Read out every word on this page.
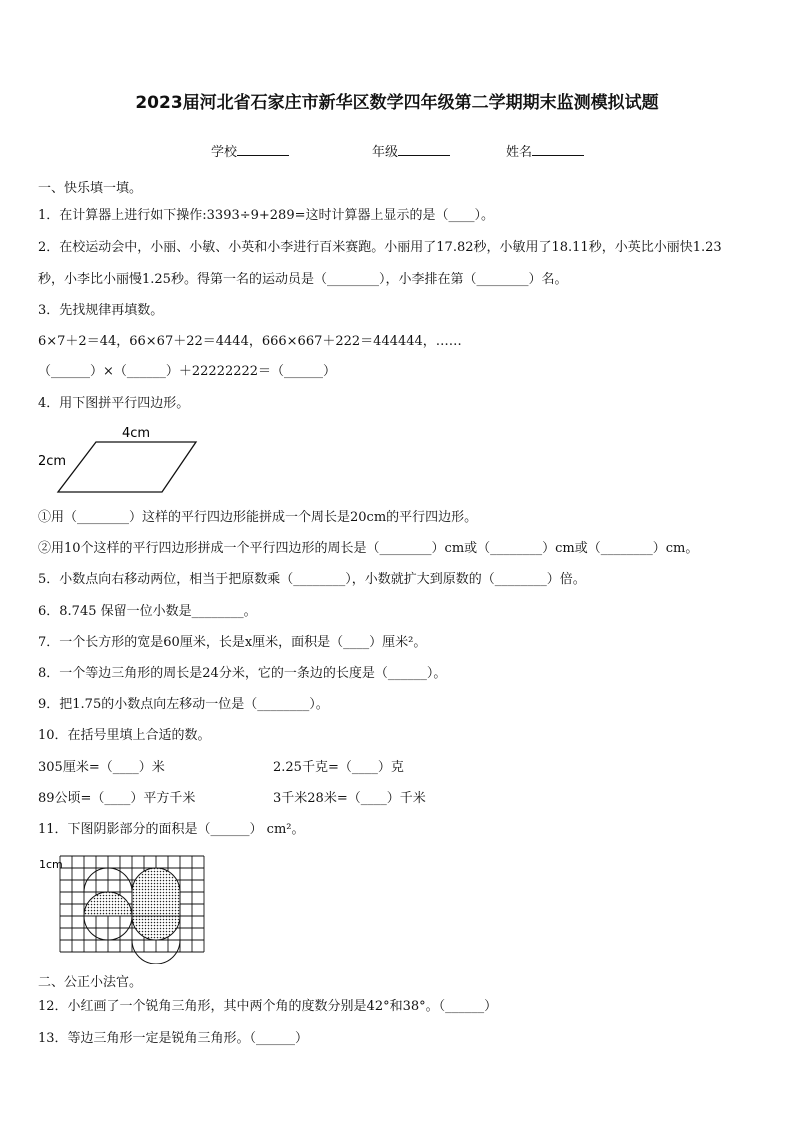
2023届河北省石家庄市新华区数学四年级第二学期期末监测模拟试题
学校	年级	姓名
一、快乐填一填。
1．在计算器上进行如下操作:3393÷9+289=这时计算器上显示的是（____）。
2．在校运动会中，小丽、小敏、小英和小李进行百米赛跑。小丽用了17.82秒，小敏用了18.11秒，小英比小丽快1.23
秒，小李比小丽慢1.25秒。得第一名的运动员是（________），小李排在第（________）名。
3．先找规律再填数。
6×7＋2＝44，66×67＋22＝4444，666×667＋222＝444444，……
（______）×（______）＋22222222＝（______）
4．用下图拼平行四边形。
4cm
2cm
①用（________）这样的平行四边形能拼成一个周长是20cm的平行四边形。
②用10个这样的平行四边形拼成一个平行四边形的周长是（________）cm或（________）cm或（________）cm。
5．小数点向右移动两位，相当于把原数乘（________），小数就扩大到原数的（________）倍。
6．8.745 保留一位小数是________。
7．一个长方形的宽是60厘米，长是x厘米，面积是（____）厘米²。
8．一个等边三角形的周长是24分米，它的一条边的长度是（______）。
9．把1.75的小数点向左移动一位是（________）。
10．在括号里填上合适的数。
305厘米=（____）米	2.25千克=（____）克
89公顷=（____）平方千米	3千米28米=（____）千米
11．下图阴影部分的面积是（______） cm²。
1cm
二、公正小法官。
12．小红画了一个锐角三角形，其中两个角的度数分别是42°和38°。（______）
13．等边三角形一定是锐角三角形。（______）
